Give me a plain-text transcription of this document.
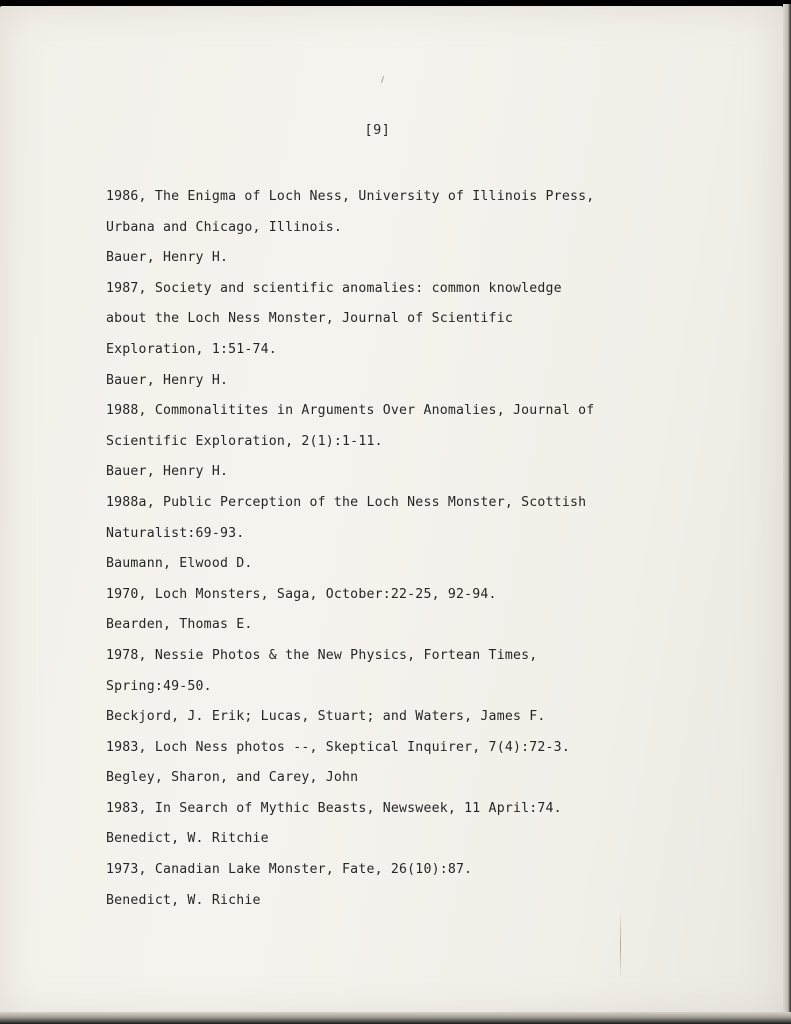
[9]
1986, The Enigma of Loch Ness, University of Illinois Press,
Urbana and Chicago, Illinois.
Bauer, Henry H.
1987, Society and scientific anomalies: common knowledge
about the Loch Ness Monster, Journal of Scientific
Exploration, 1:51-74.
Bauer, Henry H.
1988, Commonalitites in Arguments Over Anomalies, Journal of
Scientific Exploration, 2(1):1-11.
Bauer, Henry H.
1988a, Public Perception of the Loch Ness Monster, Scottish
Naturalist:69-93.
Baumann, Elwood D.
1970, Loch Monsters, Saga, October:22-25, 92-94.
Bearden, Thomas E.
1978, Nessie Photos & the New Physics, Fortean Times,
Spring:49-50.
Beckjord, J. Erik; Lucas, Stuart; and Waters, James F.
1983, Loch Ness photos --, Skeptical Inquirer, 7(4):72-3.
Begley, Sharon, and Carey, John
1983, In Search of Mythic Beasts, Newsweek, 11 April:74.
Benedict, W. Ritchie
1973, Canadian Lake Monster, Fate, 26(10):87.
Benedict, W. Richie
